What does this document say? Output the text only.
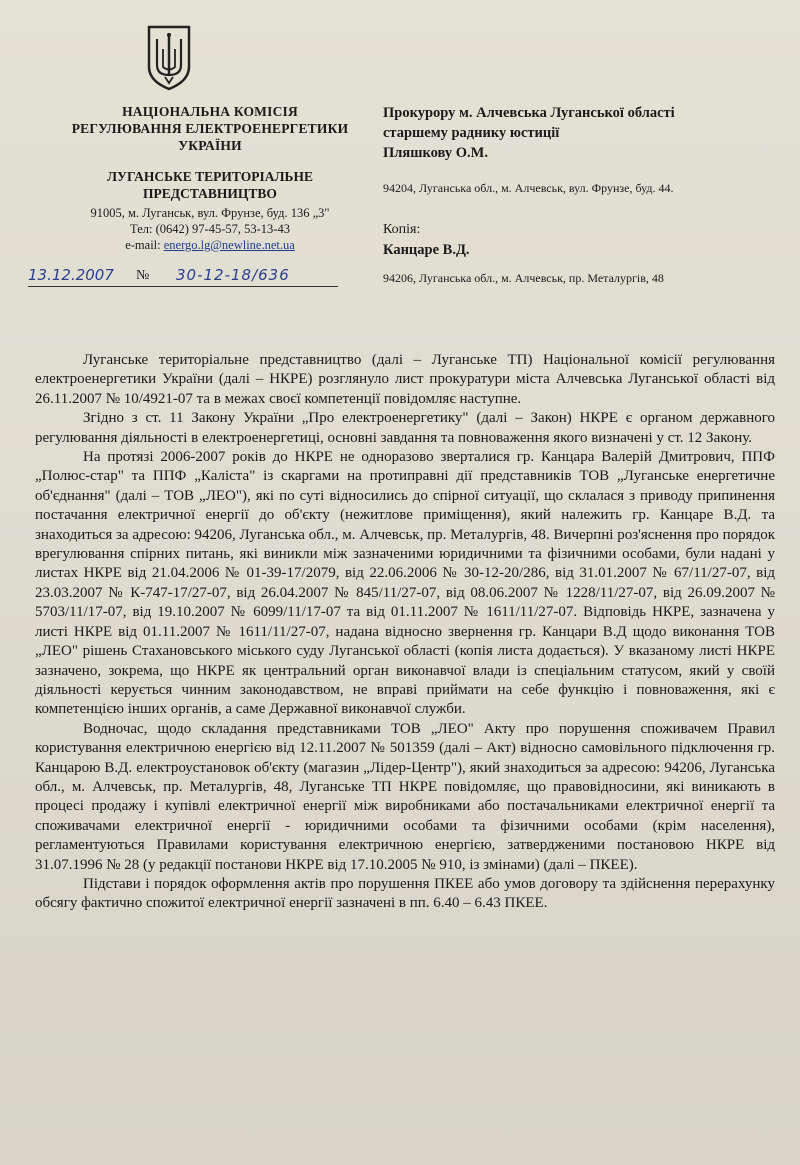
НАЦІОНАЛЬНА КОМІСІЯ
РЕГУЛЮВАННЯ ЕЛЕКТРОЕНЕРГЕТИКИ
УКРАЇНИ
ЛУГАНСЬКЕ ТЕРИТОРІАЛЬНЕ
ПРЕДСТАВНИЦТВО
91005, м. Луганськ, вул. Фрунзе, буд. 136 „3"
Тел: (0642) 97-45-57, 53-13-43
e-mail: energo.lg@newline.net.ua
13.12.2007 № 30-12-18/636
Прокурору м. Алчевська Луганської області
старшему раднику юстиції
Пляшкову О.М.
94204, Луганська обл., м. Алчевськ, вул. Фрунзе, буд. 44.
Копія:
Канцаре В.Д.
94206, Луганська обл., м. Алчевськ, пр. Металургів, 48

Луганське територіальне представництво (далі – Луганське ТП) Національної комісії регулювання електроенергетики України (далі – НКРЕ) розглянуло лист прокуратури міста Алчевська Луганської області від 26.11.2007 № 10/4921-07 та в межах своєї компетенції повідомляє наступне.

Згідно з ст. 11 Закону України „Про електроенергетику" (далі – Закон) НКРЕ є органом державного регулювання діяльності в електроенергетиці, основні завдання та повноваження якого визначені у ст. 12 Закону.

На протязі 2006-2007 років до НКРЕ не одноразово зверталися гр. Канцара Валерій Дмитрович, ППФ „Полюс-стар" та ППФ „Каліста" із скаргами на протиправні дії представників ТОВ „Луганське енергетичне об'єднання" (далі – ТОВ „ЛЕО"), які по суті відносились до спірної ситуації, що склалася з приводу припинення постачання електричної енергії до об'єкту (нежитлове приміщення), який належить гр. Канцаре В.Д. та знаходиться за адресою: 94206, Луганська обл., м. Алчевськ, пр. Металургів, 48. Вичерпні роз'яснення про порядок врегулювання спірних питань, які виникли між зазначеними юридичними та фізичними особами, були надані у листах НКРЕ від 21.04.2006 № 01-39-17/2079, від 22.06.2006 № 30-12-20/286, від 31.01.2007 № 67/11/27-07, від 23.03.2007 № К-747-17/27-07, від 26.04.2007 № 845/11/27-07, від 08.06.2007 № 1228/11/27-07, від 26.09.2007 № 5703/11/17-07, від 19.10.2007 № 6099/11/17-07 та від 01.11.2007 № 1611/11/27-07. Відповідь НКРЕ, зазначена у листі НКРЕ від 01.11.2007 № 1611/11/27-07, надана відносно звернення гр. Канцари В.Д щодо виконання ТОВ „ЛЕО" рішень Стахановського міського суду Луганської області (копія листа додається). У вказаному листі НКРЕ зазначено, зокрема, що НКРЕ як центральний орган виконавчої влади із спеціальним статусом, який у своїй діяльності керується чинним законодавством, не вправі приймати на себе функцію і повноваження, які є компетенцією інших органів, а саме Державної виконавчої служби.

Водночас, щодо складання представниками ТОВ „ЛЕО" Акту про порушення споживачем Правил користування електричною енергією від 12.11.2007 № 501359 (далі – Акт) відносно самовільного підключення гр. Канцарою В.Д. електроустановок об'єкту (магазин „Лідер-Центр"), який знаходиться за адресою: 94206, Луганська обл., м. Алчевськ, пр. Металургів, 48, Луганське ТП НКРЕ повідомляє, що правовідносини, які виникають в процесі продажу і купівлі електричної енергії між виробниками або постачальниками електричної енергії та споживачами електричної енергії - юридичними особами та фізичними особами (крім населення), регламентуються Правилами користування електричною енергією, затвердженими постановою НКРЕ від 31.07.1996 № 28 (у редакції постанови НКРЕ від 17.10.2005 № 910, із змінами) (далі – ПКЕЕ).

Підстави і порядок оформлення актів про порушення ПКЕЕ або умов договору та здійснення перерахунку обсягу фактично спожитої електричної енергії зазначені в пп. 6.40 – 6.43 ПКЕЕ.
